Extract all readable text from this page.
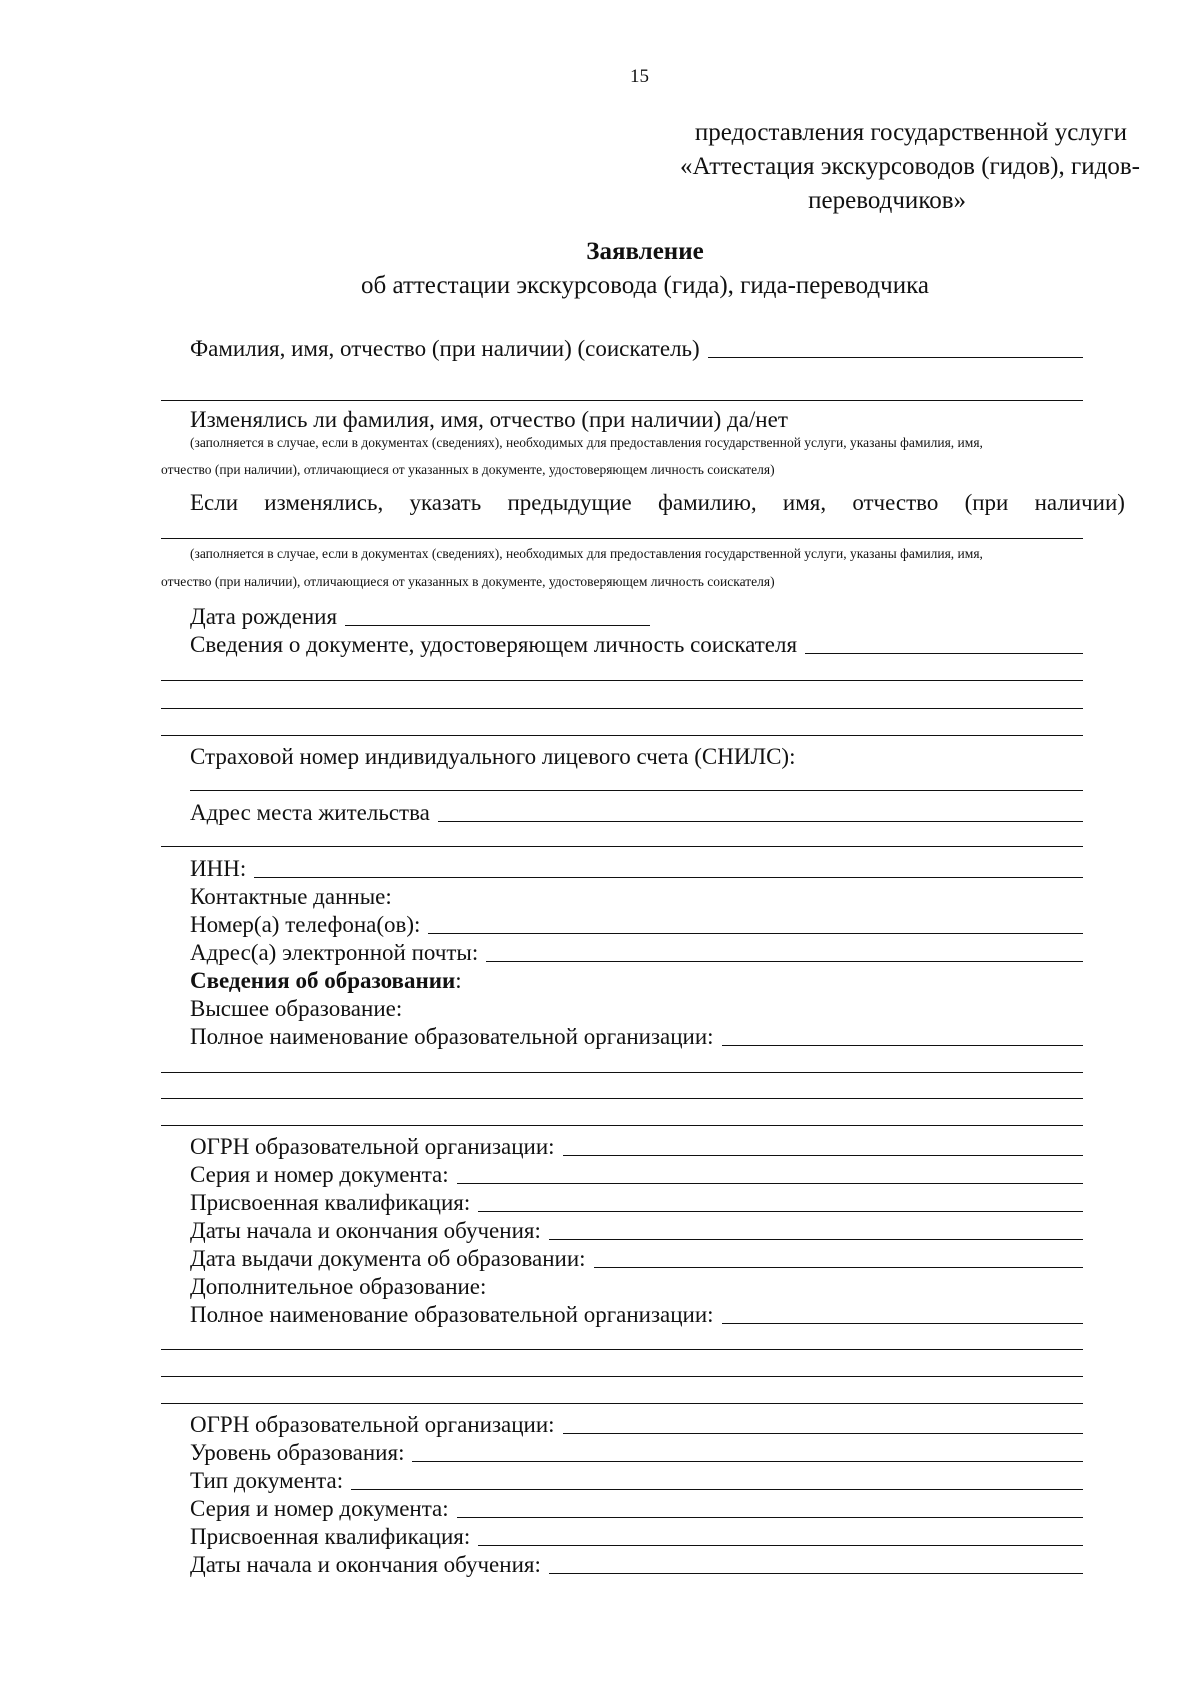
15
предоставления государственной услуги
«Аттестация экскурсоводов (гидов), гидов-
переводчиков»
Заявление
об аттестации экскурсовода (гида), гида-переводчика
Фамилия, имя, отчество (при наличии) (соискатель)
Изменялись ли фамилия, имя, отчество (при наличии) да/нет
(заполняется в случае, если в документах (сведениях), необходимых для предоставления государственной услуги, указаны фамилия, имя,
отчество (при наличии), отличающиеся от указанных в документе, удостоверяющем личность соискателя)
Если изменялись, указать предыдущие фамилию, имя, отчество (при наличии)
(заполняется в случае, если в документах (сведениях), необходимых для предоставления государственной услуги, указаны фамилия, имя,
отчество (при наличии), отличающиеся от указанных в документе, удостоверяющем личность соискателя)
Дата рождения
Сведения о документе, удостоверяющем личность соискателя
Страховой номер индивидуального лицевого счета (СНИЛС):
Адрес места жительства
ИНН:
Контактные данные:
Номер(а) телефона(ов):
Адрес(а) электронной почты:
Сведения об образовании :
Высшее образование:
Полное наименование образовательной организации:
ОГРН образовательной организации:
Серия и номер документа:
Присвоенная квалификация:
Даты начала и окончания обучения:
Дата выдачи документа об образовании:
Дополнительное образование:
Полное наименование образовательной организации:
ОГРН образовательной организации:
Уровень образования:
Тип документа:
Серия и номер документа:
Присвоенная квалификация:
Даты начала и окончания обучения:
